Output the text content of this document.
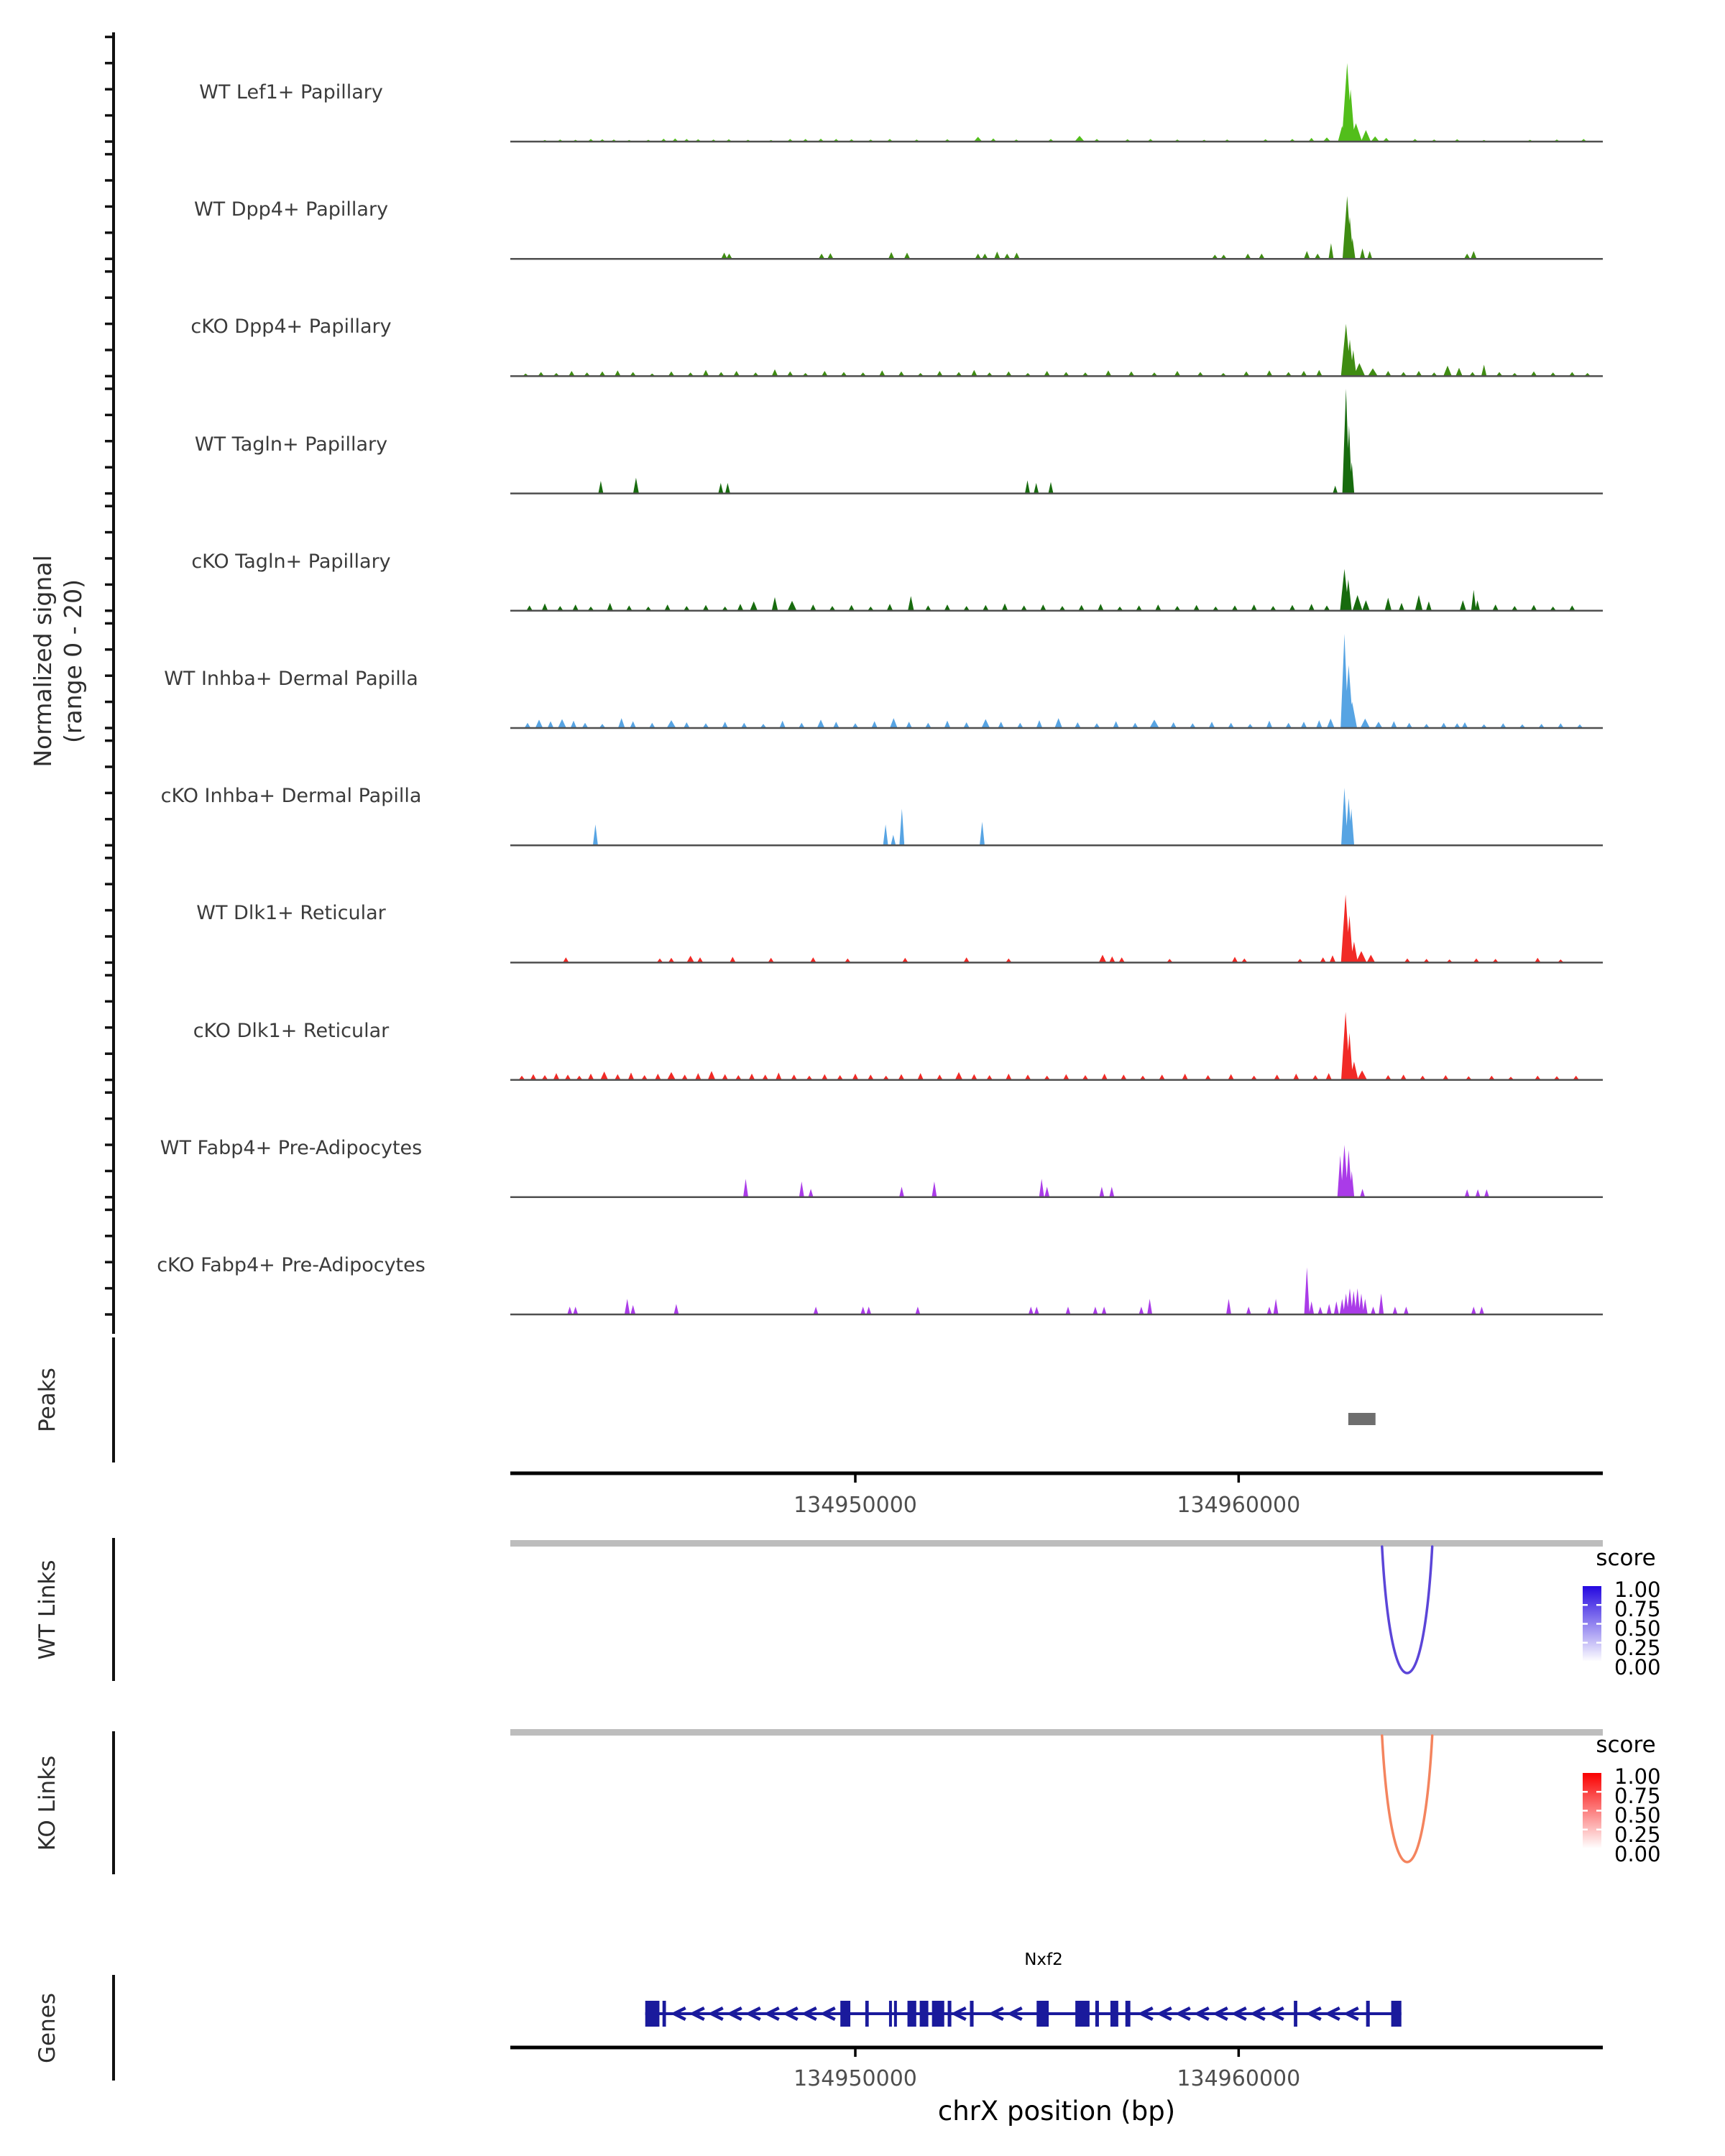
Normalized signal (range 0 - 20)
WT Lef1+ Papillary
WT Dpp4+ Papillary
cKO Dpp4+ Papillary
WT Tagln+ Papillary
cKO Tagln+ Papillary
WT Inhba+ Dermal Papilla
cKO Inhba+ Dermal Papilla
WT Dlk1+ Reticular
cKO Dlk1+ Reticular
WT Fabp4+ Pre-Adipocytes
cKO Fabp4+ Pre-Adipocytes
Peaks
WT Links
KO Links
Genes
134950000	134960000
134950000	134960000
chrX position (bp)
score
score
1.00
0.75
0.50
0.25
0.00
1.00
0.75
0.50
0.25
0.00
Nxf2
